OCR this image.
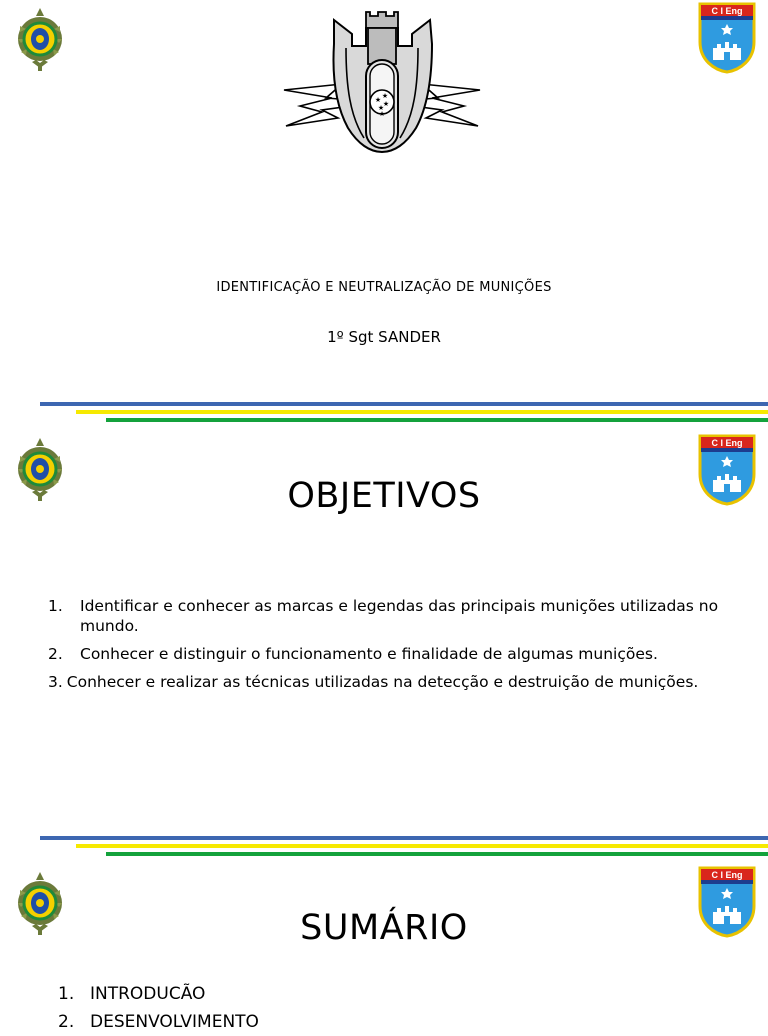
C I Eng
★ ★
★
★
★
IDENTIFICAÇÃO E NEUTRALIZAÇÃO DE MUNIÇÕES
1º Sgt SANDER
C I Eng
OBJETIVOS
1.	Identificar e conhecer as marcas e legendas das principais munições utilizadas no mundo.
2.	Conhecer e distinguir o funcionamento e finalidade de algumas munições.
3. Conhecer e realizar as técnicas utilizadas na detecção e destruição de munições.
C I Eng
SUMÁRIO
1. INTRODUCÃO
2. DESENVOLVIMENTO
